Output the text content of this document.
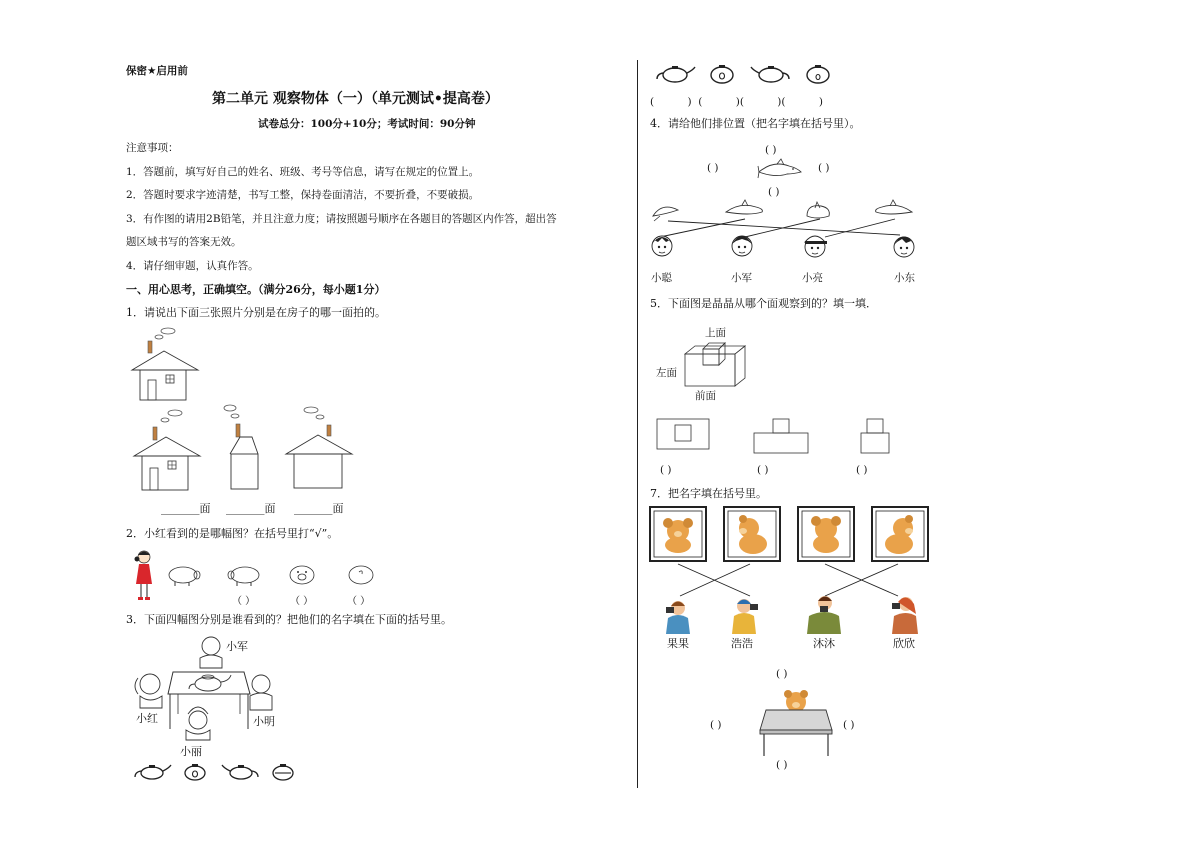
保密★启用前
第二单元 观察物体（一）（单元测试•提高卷）
试卷总分：100分+10分；考试时间：90分钟
注意事项：
1．答题前，填写好自己的姓名、班级、考号等信息，请写在规定的位置上。
2．答题时要求字迹清楚，书写工整，保持卷面清洁，不要折叠，不要破损。
3．有作图的请用2B铅笔，并且注意力度；请按照题号顺序在各题目的答题区内作答，超出答
题区域书写的答案无效。
4．请仔细审题，认真作答。
一、用心思考，正确填空。（满分26分，每小题1分）
1．请说出下面三张照片分别是在房子的哪一面拍的。
_______面 _______面 _______面
2．小红看到的是哪幅图？在括号里打“√”。
（ ）	（ ）	（ ）
3．下面四幅图分别是谁看到的？把他们的名字填在下面的括号里。
小军
小红	小明
小丽
(          )  (          )(          )(          )
4．请给他们排位置（把名字填在括号里）。
( )
( )	( )
( )
小聪	小军	小亮	小东
5．下面图是晶晶从哪个面观察到的？填一填．
上面
左面
前面
( )	( )	( )
7．把名字填在括号里。
果果	浩浩	沐沐	欣欣
( )
( )	( )
( )
